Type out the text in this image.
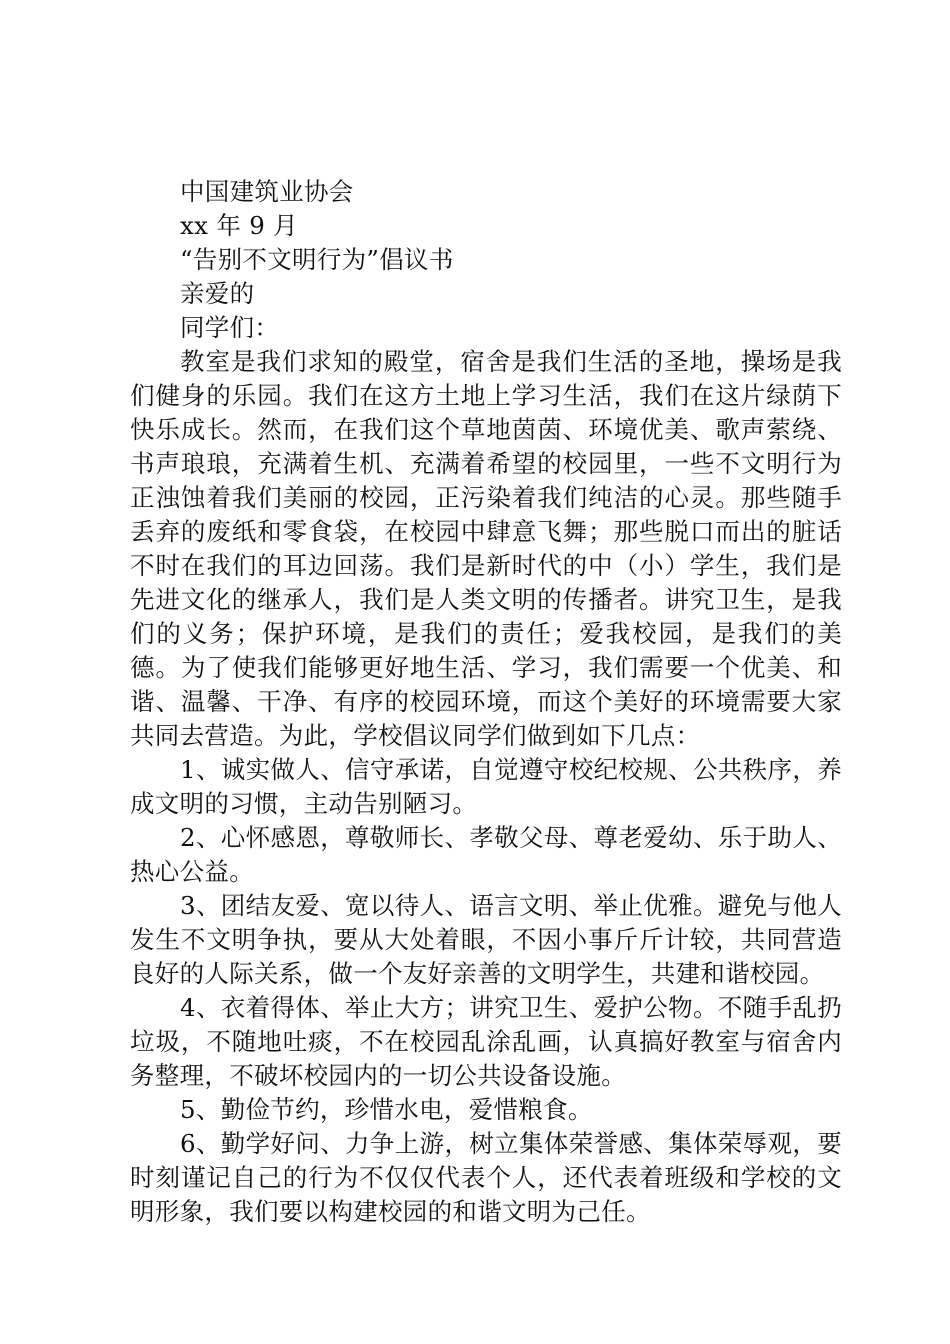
中国建筑业协会

xx 年 9 月

“告别不文明行为”倡议书

亲爱的

同学们：

教室是我们求知的殿堂，宿舍是我们生活的圣地，操场是我们健身的乐园。我们在这方土地上学习生活，我们在这片绿荫下快乐成长。然而，在我们这个草地茵茵、环境优美、歌声萦绕、书声琅琅，充满着生机、充满着希望的校园里，一些不文明行为正浊蚀着我们美丽的校园，正污染着我们纯洁的心灵。那些随手丢弃的废纸和零食袋，在校园中肆意飞舞；那些脱口而出的脏话不时在我们的耳边回荡。我们是新时代的中（小）学生，我们是先进文化的继承人，我们是人类文明的传播者。讲究卫生，是我们的义务；保护环境，是我们的责任；爱我校园，是我们的美德。为了使我们能够更好地生活、学习，我们需要一个优美、和谐、温馨、干净、有序的校园环境，而这个美好的环境需要大家共同去营造。为此，学校倡议同学们做到如下几点：

1、诚实做人、信守承诺，自觉遵守校纪校规、公共秩序，养成文明的习惯，主动告别陋习。

2、心怀感恩，尊敬师长、孝敬父母、尊老爱幼、乐于助人、热心公益。

3、团结友爱、宽以待人、语言文明、举止优雅。避免与他人发生不文明争执，要从大处着眼，不因小事斤斤计较，共同营造良好的人际关系，做一个友好亲善的文明学生，共建和谐校园。

4、衣着得体、举止大方；讲究卫生、爱护公物。不随手乱扔垃圾，不随地吐痰，不在校园乱涂乱画，认真搞好教室与宿舍内务整理，不破坏校园内的一切公共设备设施。

5、勤俭节约，珍惜水电，爱惜粮食。

6、勤学好问、力争上游，树立集体荣誉感、集体荣辱观，要时刻谨记自己的行为不仅仅代表个人，还代表着班级和学校的文明形象，我们要以构建校园的和谐文明为己任。
